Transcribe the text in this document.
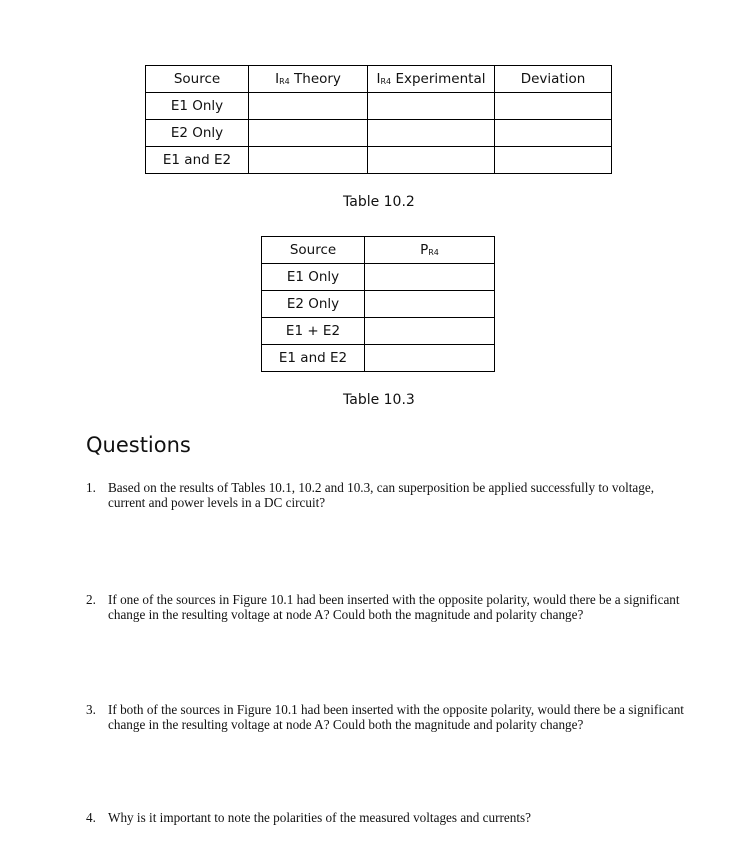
Source	$I_{R4}$ Theory	$I_{R4}$ Experimental	Deviation
E1 Only			
E2 Only			
E1 and E2			
Table 10.2
Source	$P_{R4}$
E1 Only	
E2 Only	
E1 + E2	
E1 and E2	
Table 10.3
Questions
1. Based on the results of Tables 10.1, 10.2 and 10.3, can superposition be applied successfully to voltage, current and power levels in a DC circuit?
2. If one of the sources in Figure 10.1 had been inserted with the opposite polarity, would there be a significant change in the resulting voltage at node A? Could both the magnitude and polarity change?
3. If both of the sources in Figure 10.1 had been inserted with the opposite polarity, would there be a significant change in the resulting voltage at node A? Could both the magnitude and polarity change?
4. Why is it important to note the polarities of the measured voltages and currents?
